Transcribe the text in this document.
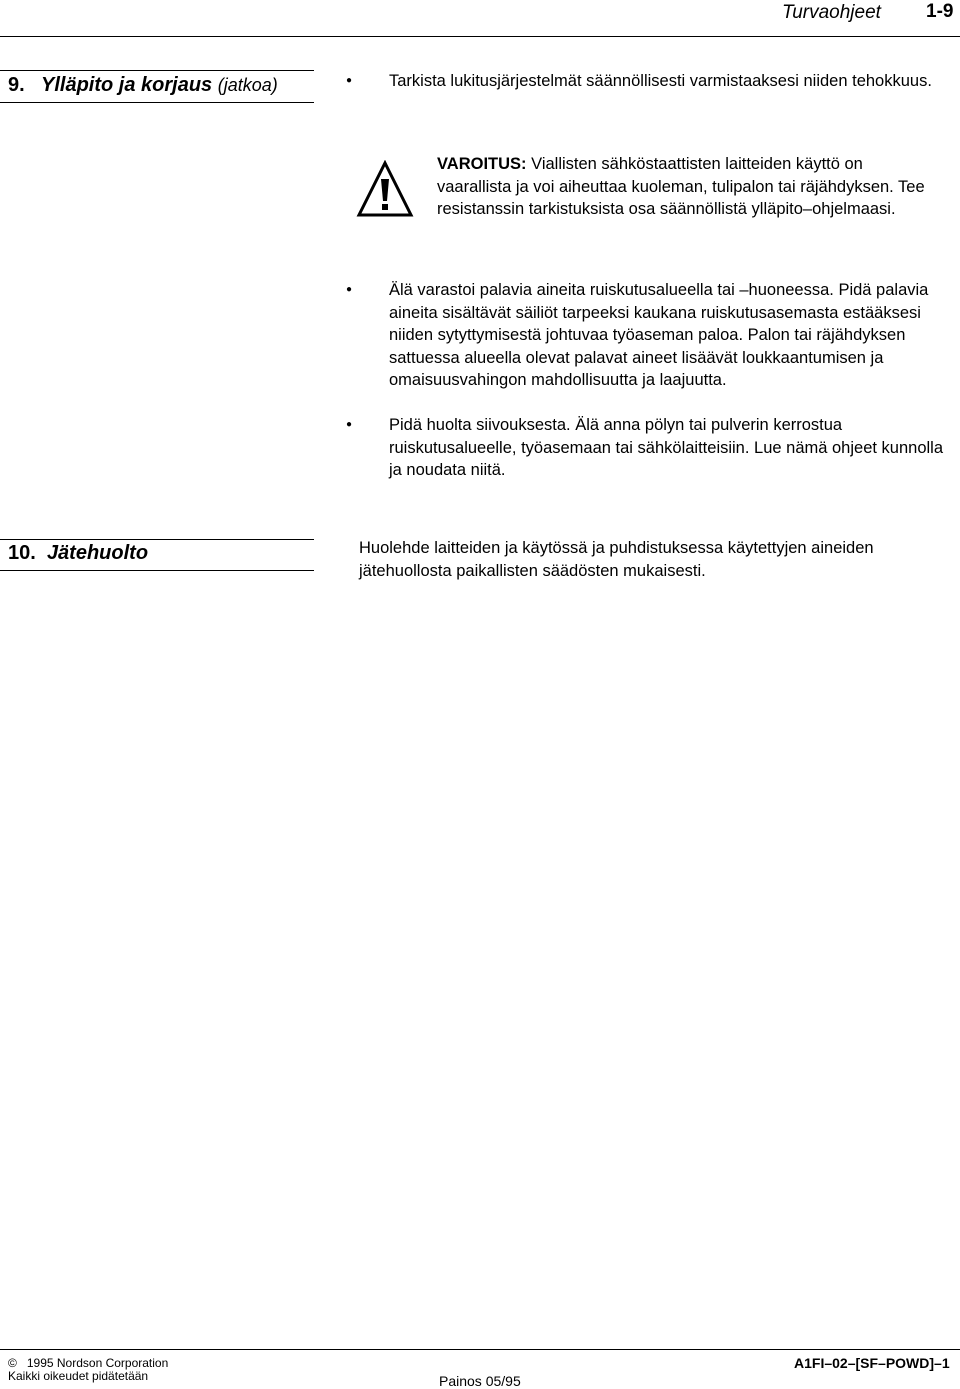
Turvaohjeet 1-9
9. Ylläpito ja korjaus (jatkoa)	● Tarkista lukitusjärjestelmät säännöllisesti varmistaaksesi niiden tehokkuus.
VAROITUS: Viallisten sähköstaattisten laitteiden käyttö on vaarallista ja voi aiheuttaa kuoleman, tulipalon tai räjähdyksen. Tee resistanssin tarkistuksista osa säännöllistä ylläpito–ohjelmaasi.
● Älä varastoi palavia aineita ruiskutusalueella tai –huoneessa. Pidä palavia aineita sisältävät säiliöt tarpeeksi kaukana ruiskutusasemasta estääksesi niiden sytyttymisestä johtuvaa työaseman paloa. Palon tai räjähdyksen sattuessa alueella olevat palavat aineet lisäävät loukkaantumisen ja omaisuusvahingon mahdollisuutta ja laajuutta.
● Pidä huolta siivouksesta. Älä anna pölyn tai pulverin kerrostua ruiskutusalueelle, työasemaan tai sähkölaitteisiin. Lue nämä ohjeet kunnolla ja noudata niitä.
10. Jätehuolto	Huolehde laitteiden ja käytössä ja puhdistuksessa käytettyjen aineiden jätehuollosta paikallisten säädösten mukaisesti.
© 1995 Nordson Corporation
Kaikki oikeudet pidätetään	Painos 05/95
A1FI–02–[SF–POWD]–1
